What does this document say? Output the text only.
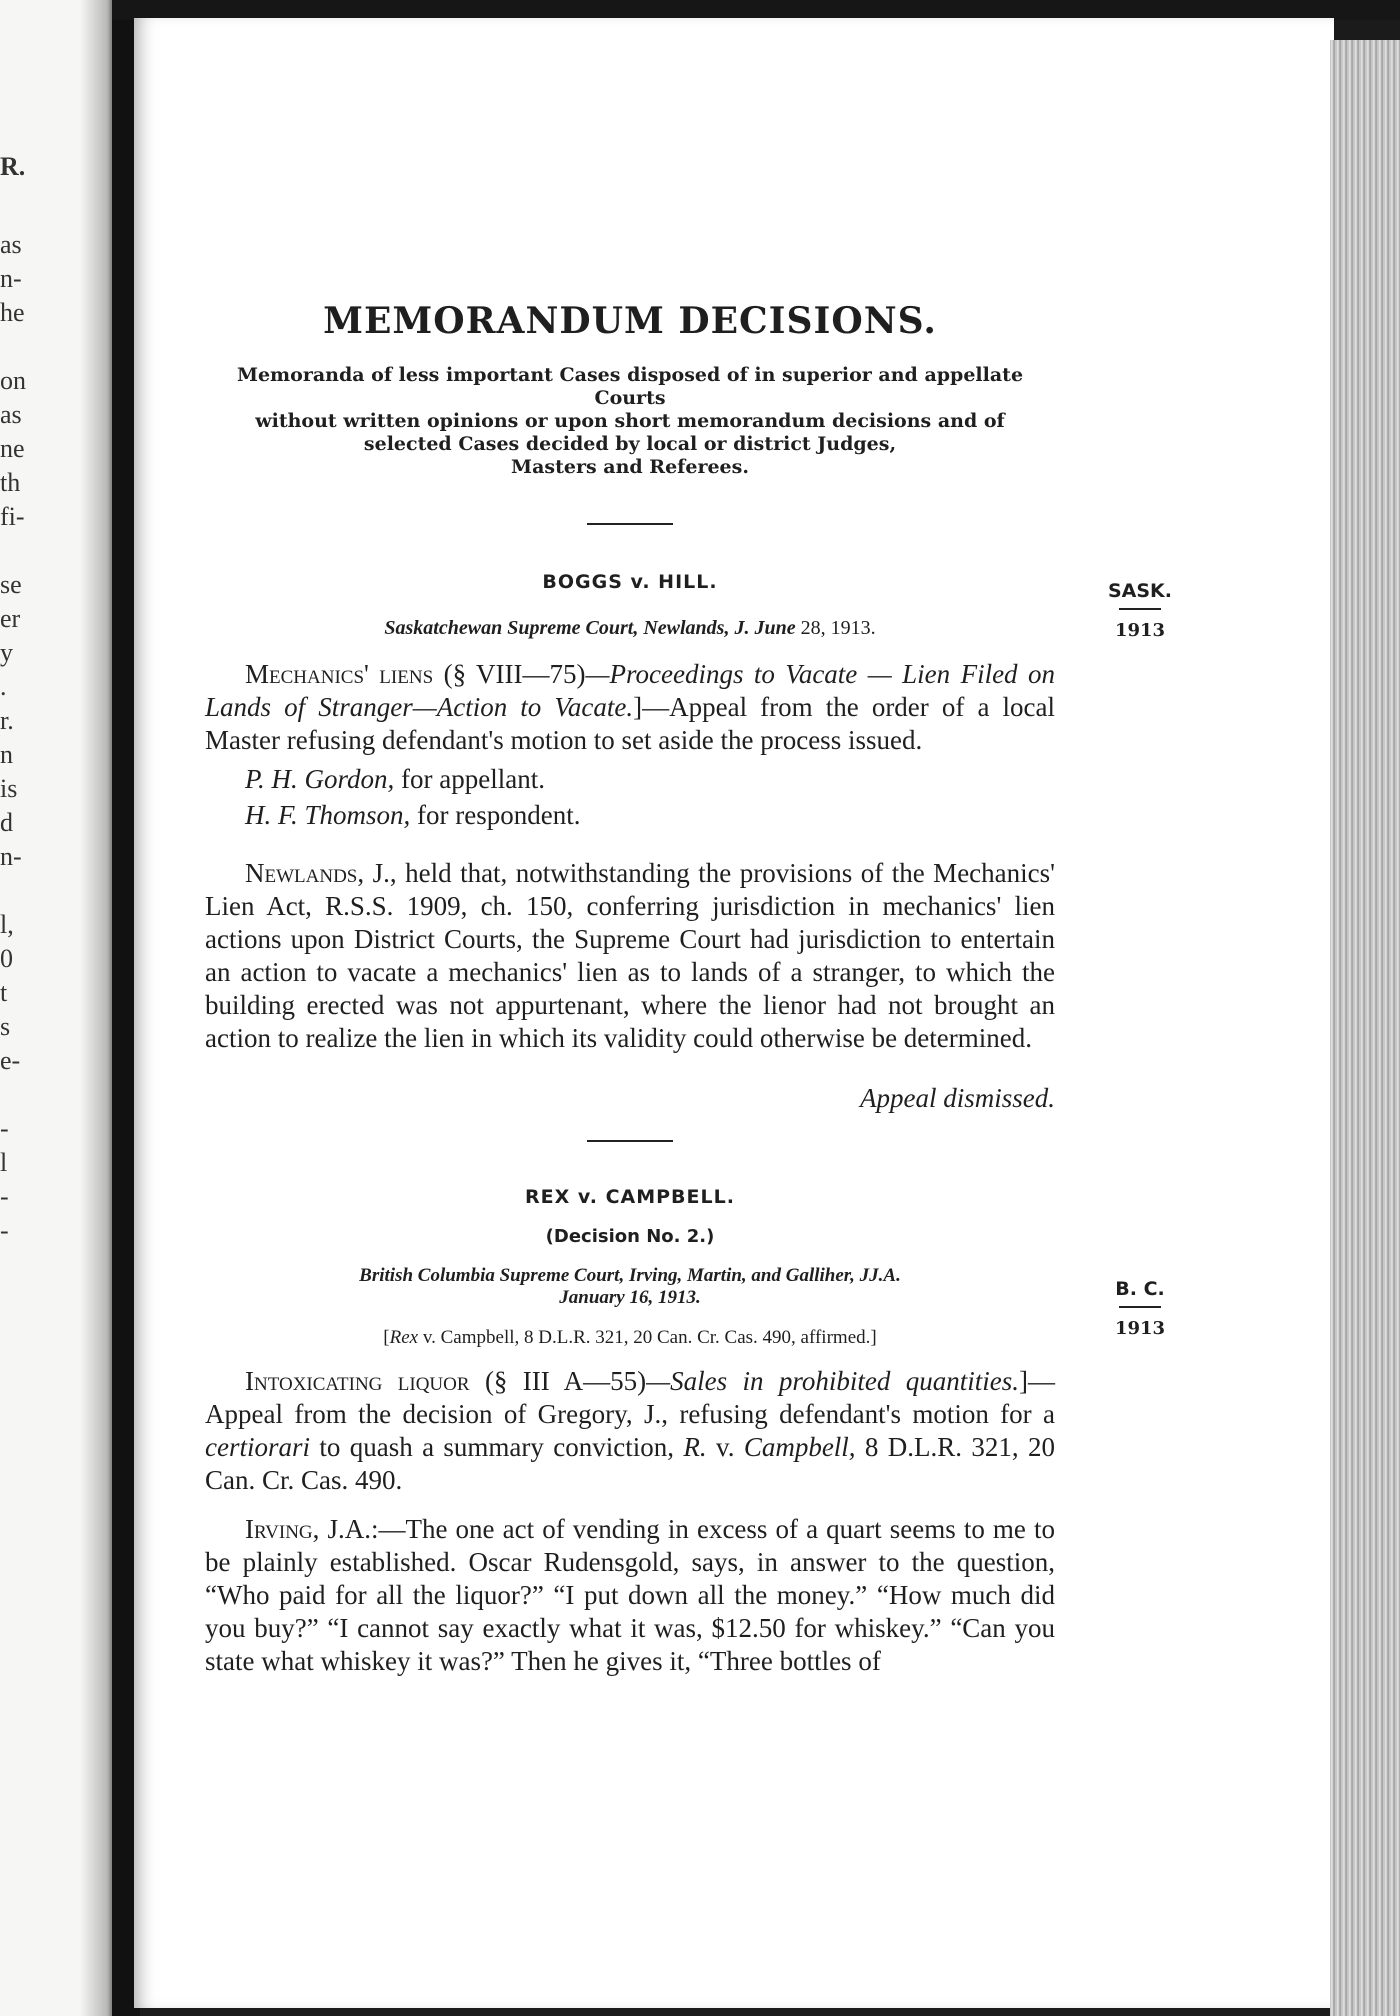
R.
as
n-
he
on
as
ne
th
fi-
se
er
y
.
r.
n
is
d
n-
l,
0
t
s
e-
-
l
-
-
MEMORANDUM DECISIONS.
Memoranda of less important Cases disposed of in superior and appellate Courts
without written opinions or upon short memorandum decisions and of
selected Cases decided by local or district Judges,
Masters and Referees.
BOGGS v. HILL.
Saskatchewan Supreme Court, Newlands, J. June 28, 1913.

Mechanics' liens (§ VIII—75)—Proceedings to Vacate — Lien Filed on Lands of Stranger—Action to Vacate.]—Appeal from the order of a local Master refusing defendant's motion to set aside the process issued.

P. H. Gordon, for appellant.
H. F. Thomson, for respondent.

Newlands, J., held that, notwithstanding the provisions of the Mechanics' Lien Act, R.S.S. 1909, ch. 150, conferring jurisdiction in mechanics' lien actions upon District Courts, the Supreme Court had jurisdiction to entertain an action to vacate a mechanics' lien as to lands of a stranger, to which the building erected was not appurtenant, where the lienor had not brought an action to realize the lien in which its validity could otherwise be determined.

Appeal dismissed.
REX v. CAMPBELL.
(Decision No. 2.)
British Columbia Supreme Court, Irving, Martin, and Galliher, JJ.A.
January 16, 1913.
[Rex v. Campbell, 8 D.L.R. 321, 20 Can. Cr. Cas. 490, affirmed.]

Intoxicating liquor (§ III A—55)—Sales in prohibited quantities.]—Appeal from the decision of Gregory, J., refusing defendant's motion for a certiorari to quash a summary conviction, R. v. Campbell, 8 D.L.R. 321, 20 Can. Cr. Cas. 490.

Irving, J.A.:—The one act of vending in excess of a quart seems to me to be plainly established. Oscar Rudensgold, says, in answer to the question, “Who paid for all the liquor?” “I put down all the money.” “How much did you buy?” “I cannot say exactly what it was, $12.50 for whiskey.” “Can you state what whiskey it was?” Then he gives it, “Three bottles of

SASK.
1913
B. C.
1913
